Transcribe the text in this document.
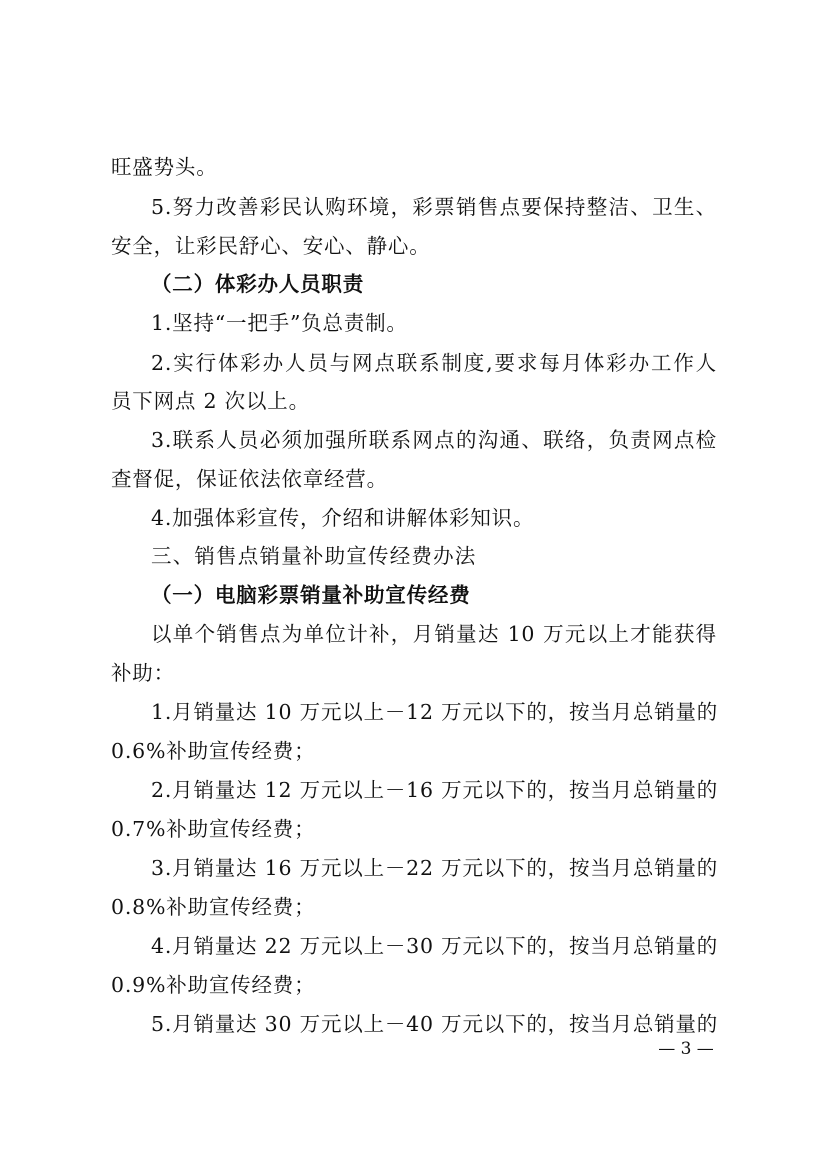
旺盛势头。
5.努力改善彩民认购环境，彩票销售点要保持整洁、卫生、
安全，让彩民舒心、安心、静心。
（二）体彩办人员职责
1.坚持“一把手”负总责制。
2.实行体彩办人员与网点联系制度,要求每月体彩办工作人
员下网点 2 次以上。
3.联系人员必须加强所联系网点的沟通、联络，负责网点检
查督促，保证依法依章经营。
4.加强体彩宣传，介绍和讲解体彩知识。
三、销售点销量补助宣传经费办法
（一）电脑彩票销量补助宣传经费
以单个销售点为单位计补，月销量达 10 万元以上才能获得
补助：
1.月销量达 10 万元以上－12 万元以下的，按当月总销量的
0.6%补助宣传经费；
2.月销量达 12 万元以上－16 万元以下的，按当月总销量的
0.7%补助宣传经费；
3.月销量达 16 万元以上－22 万元以下的，按当月总销量的
0.8%补助宣传经费；
4.月销量达 22 万元以上－30 万元以下的，按当月总销量的
0.9%补助宣传经费；
5.月销量达 30 万元以上－40 万元以下的，按当月总销量的
— 3 —
